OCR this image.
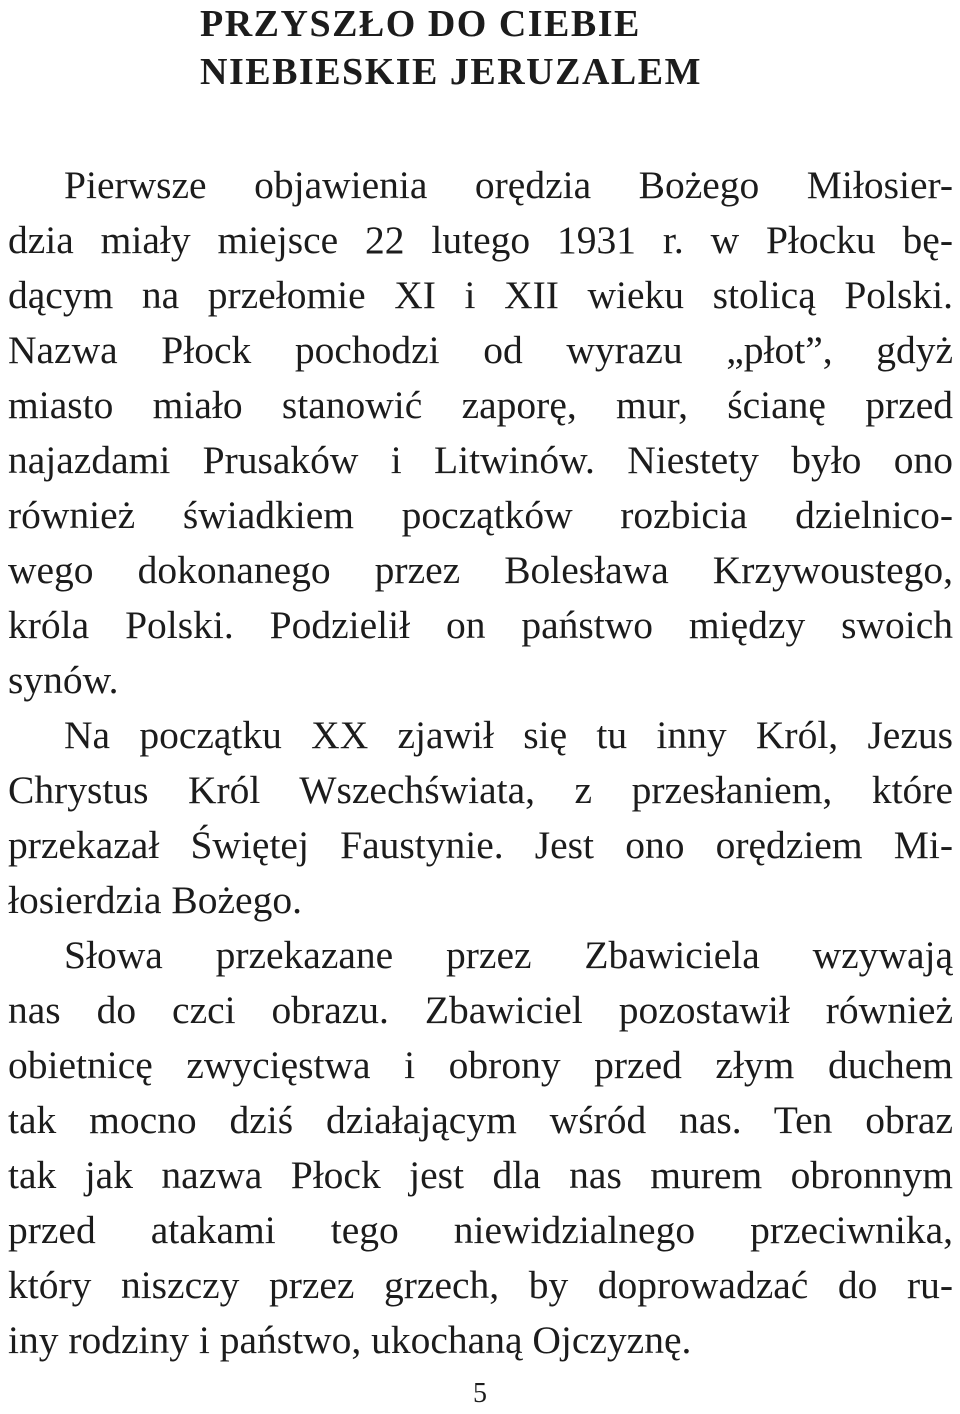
PRZYSZŁO DO CIEBIE
NIEBIESKIE JERUZALEM
Pierwsze objawienia orędzia Bożego Miłosier-
dzia miały miejsce 22 lutego 1931 r. w Płocku bę-
dącym na przełomie XI i XII wieku stolicą Polski.
Nazwa Płock pochodzi od wyrazu „płot”, gdyż
miasto miało stanowić zaporę, mur, ścianę przed
najazdami Prusaków i Litwinów. Niestety było ono
również świadkiem początków rozbicia dzielnico-
wego dokonanego przez Bolesława Krzywoustego,
króla Polski. Podzielił on państwo między swoich
synów.
Na początku XX zjawił się tu inny Król, Jezus
Chrystus Król Wszechświata, z przesłaniem, które
przekazał Świętej Faustynie. Jest ono orędziem Mi-
łosierdzia Bożego.
Słowa przekazane przez Zbawiciela wzywają
nas do czci obrazu. Zbawiciel pozostawił również
obietnicę zwycięstwa i obrony przed złym duchem
tak mocno dziś działającym wśród nas. Ten obraz
tak jak nazwa Płock jest dla nas murem obronnym
przed atakami tego niewidzialnego przeciwnika,
który niszczy przez grzech, by doprowadzać do ru-
iny rodziny i państwo, ukochaną Ojczyznę.
5
